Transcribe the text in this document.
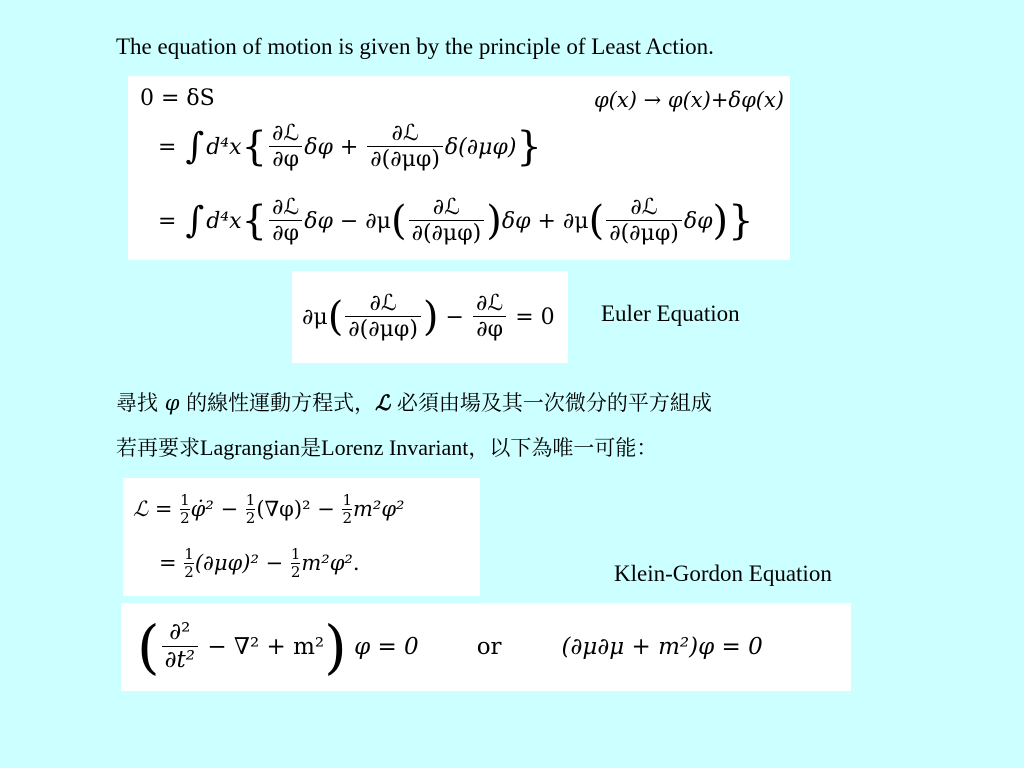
The equation of motion is given by the principle of Least Action.
φ(x) → φ(x)+δφ(x)
0 = δS
=
∫ d⁴x { $\frac{\text{∂ℒ}}{\partial\varphi}$ δφ
+
$\frac{\text{∂ℒ}}{\partial(\partial\mu\varphi)} \delta(\partial\mu\varphi)$ }
=
∫ d⁴x { $\frac{\text{∂ℒ}}{\partial\varphi}$ δφ
−
∂μ ( $\frac{\text{∂ℒ}}{\partial(\partial\mu\varphi)}$ ) δφ
+
∂μ ( $\frac{\text{∂ℒ}}{\partial(\partial\mu\varphi)}$ δφ ) }
∂μ ( $\frac{\text{∂ℒ}}{\partial(\partial\mu\varphi)}$ )
−
$\frac{\text{∂ℒ}}{\partial\varphi}$
= 0 Euler Equation
尋找 φ 的線性運動方程式，ℒ 必須由場及其一次微分的平方組成
若再要求Lagrangian是Lorenz Invariant，以下為唯一可能：
ℒ
=
$\frac{1}{2}$ φ̇²
−
$\frac{1}{2} (\nabla\varphi)^2$
−
$\frac{1}{2} m^2\varphi^2$
=
$\frac{1}{2} (\partial\mu\varphi)^2$
−
$\frac{1}{2} m^2\varphi^2$ .	Klein-Gordon Equation
( $\frac{\text{∂²}}{\text{∂t²}}$
− ∇² + m² )
φ = 0	or	(∂μ∂μ + m²)φ = 0
